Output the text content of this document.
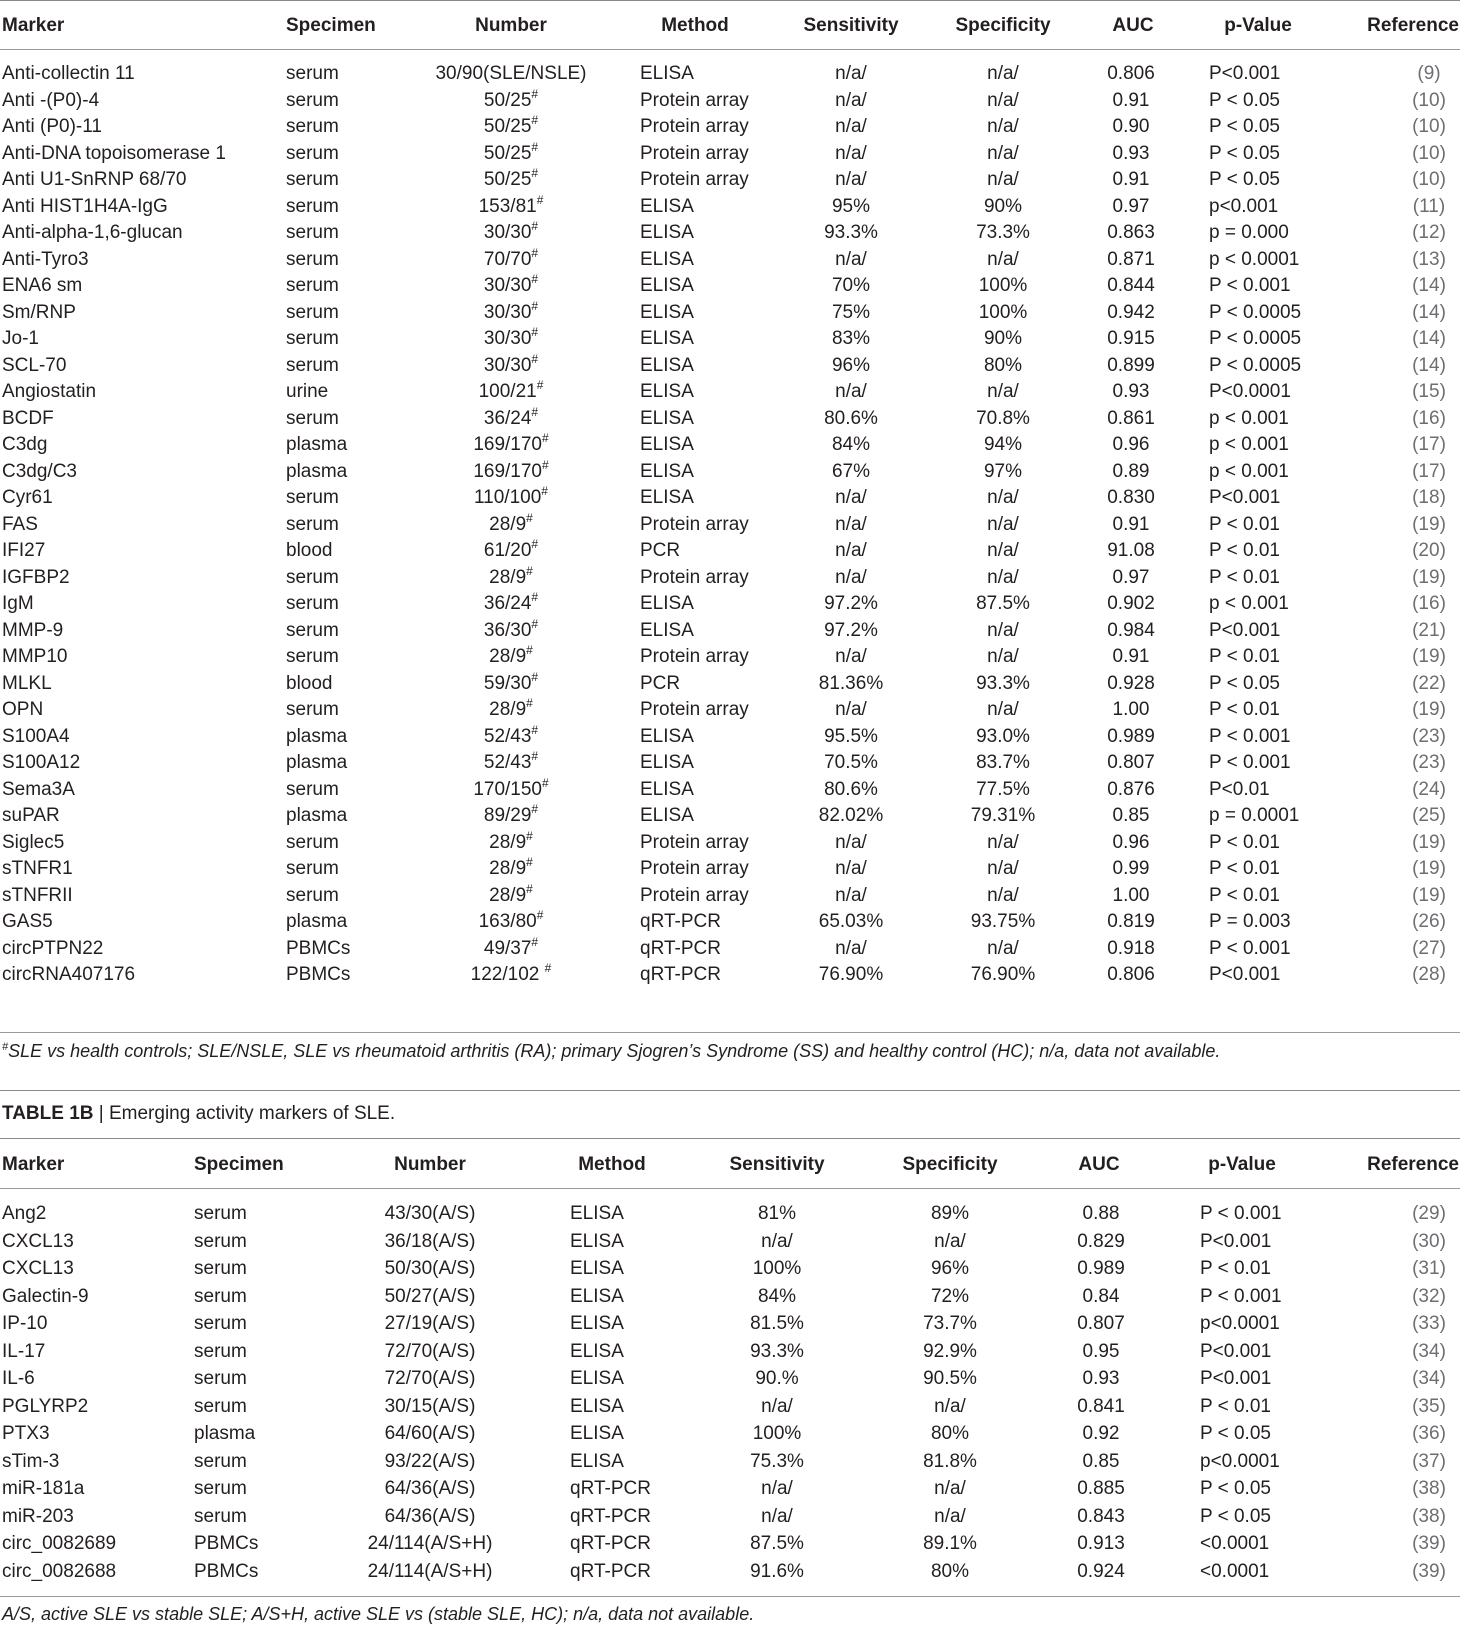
Marker	Specimen	Number	Method	Sensitivity	Specificity	AUC	p-Value	Reference
Anti-collectin 11	serum	30/90(SLE/NSLE)	ELISA	n/a/	n/a/	0.806	P<0.001	(9)
Anti -(P0)-4	serum	50/25#	Protein array	n/a/	n/a/	0.91	P < 0.05	(10)
Anti (P0)-11	serum	50/25#	Protein array	n/a/	n/a/	0.90	P < 0.05	(10)
Anti-DNA topoisomerase 1	serum	50/25#	Protein array	n/a/	n/a/	0.93	P < 0.05	(10)
Anti U1-SnRNP 68/70	serum	50/25#	Protein array	n/a/	n/a/	0.91	P < 0.05	(10)
Anti HIST1H4A-IgG	serum	153/81#	ELISA	95%	90%	0.97	p<0.001	(11)
Anti-alpha-1,6-glucan	serum	30/30#	ELISA	93.3%	73.3%	0.863	p = 0.000	(12)
Anti-Tyro3	serum	70/70#	ELISA	n/a/	n/a/	0.871	p < 0.0001	(13)
ENA6 sm	serum	30/30#	ELISA	70%	100%	0.844	P < 0.001	(14)
Sm/RNP	serum	30/30#	ELISA	75%	100%	0.942	P < 0.0005	(14)
Jo-1	serum	30/30#	ELISA	83%	90%	0.915	P < 0.0005	(14)
SCL-70	serum	30/30#	ELISA	96%	80%	0.899	P < 0.0005	(14)
Angiostatin	urine	100/21#	ELISA	n/a/	n/a/	0.93	P<0.0001	(15)
BCDF	serum	36/24#	ELISA	80.6%	70.8%	0.861	p < 0.001	(16)
C3dg	plasma	169/170#	ELISA	84%	94%	0.96	p < 0.001	(17)
C3dg/C3	plasma	169/170#	ELISA	67%	97%	0.89	p < 0.001	(17)
Cyr61	serum	110/100#	ELISA	n/a/	n/a/	0.830	P<0.001	(18)
FAS	serum	28/9#	Protein array	n/a/	n/a/	0.91	P < 0.01	(19)
IFI27	blood	61/20#	PCR	n/a/	n/a/	91.08	P < 0.01	(20)
IGFBP2	serum	28/9#	Protein array	n/a/	n/a/	0.97	P < 0.01	(19)
IgM	serum	36/24#	ELISA	97.2%	87.5%	0.902	p < 0.001	(16)
MMP-9	serum	36/30#	ELISA	97.2%	n/a/	0.984	P<0.001	(21)
MMP10	serum	28/9#	Protein array	n/a/	n/a/	0.91	P < 0.01	(19)
MLKL	blood	59/30#	PCR	81.36%	93.3%	0.928	P < 0.05	(22)
OPN	serum	28/9#	Protein array	n/a/	n/a/	1.00	P < 0.01	(19)
S100A4	plasma	52/43#	ELISA	95.5%	93.0%	0.989	P < 0.001	(23)
S100A12	plasma	52/43#	ELISA	70.5%	83.7%	0.807	P < 0.001	(23)
Sema3A	serum	170/150#	ELISA	80.6%	77.5%	0.876	P<0.01	(24)
suPAR	plasma	89/29#	ELISA	82.02%	79.31%	0.85	p = 0.0001	(25)
Siglec5	serum	28/9#	Protein array	n/a/	n/a/	0.96	P < 0.01	(19)
sTNFR1	serum	28/9#	Protein array	n/a/	n/a/	0.99	P < 0.01	(19)
sTNFRII	serum	28/9#	Protein array	n/a/	n/a/	1.00	P < 0.01	(19)
GAS5	plasma	163/80#	qRT-PCR	65.03%	93.75%	0.819	P = 0.003	(26)
circPTPN22	PBMCs	49/37#	qRT-PCR	n/a/	n/a/	0.918	P < 0.001	(27)
circRNA407176	PBMCs	122/102 #	qRT-PCR	76.90%	76.90%	0.806	P<0.001	(28)
#SLE vs health controls; SLE/NSLE, SLE vs rheumatoid arthritis (RA); primary Sjogren’s Syndrome (SS) and healthy control (HC); n/a, data not available.
TABLE 1B | Emerging activity markers of SLE.
Marker	Specimen	Number	Method	Sensitivity	Specificity	AUC	p-Value	Reference
Ang2	serum	43/30(A/S)	ELISA	81%	89%	0.88	P < 0.001	(29)
CXCL13	serum	36/18(A/S)	ELISA	n/a/	n/a/	0.829	P<0.001	(30)
CXCL13	serum	50/30(A/S)	ELISA	100%	96%	0.989	P < 0.01	(31)
Galectin-9	serum	50/27(A/S)	ELISA	84%	72%	0.84	P < 0.001	(32)
IP-10	serum	27/19(A/S)	ELISA	81.5%	73.7%	0.807	p<0.0001	(33)
IL-17	serum	72/70(A/S)	ELISA	93.3%	92.9%	0.95	P<0.001	(34)
IL-6	serum	72/70(A/S)	ELISA	90.%	90.5%	0.93	P<0.001	(34)
PGLYRP2	serum	30/15(A/S)	ELISA	n/a/	n/a/	0.841	P < 0.01	(35)
PTX3	plasma	64/60(A/S)	ELISA	100%	80%	0.92	P < 0.05	(36)
sTim-3	serum	93/22(A/S)	ELISA	75.3%	81.8%	0.85	p<0.0001	(37)
miR-181a	serum	64/36(A/S)	qRT-PCR	n/a/	n/a/	0.885	P < 0.05	(38)
miR-203	serum	64/36(A/S)	qRT-PCR	n/a/	n/a/	0.843	P < 0.05	(38)
circ_0082689	PBMCs	24/114(A/S+H)	qRT-PCR	87.5%	89.1%	0.913	<0.0001	(39)
circ_0082688	PBMCs	24/114(A/S+H)	qRT-PCR	91.6%	80%	0.924	<0.0001	(39)
A/S, active SLE vs stable SLE; A/S+H, active SLE vs (stable SLE, HC); n/a, data not available.
